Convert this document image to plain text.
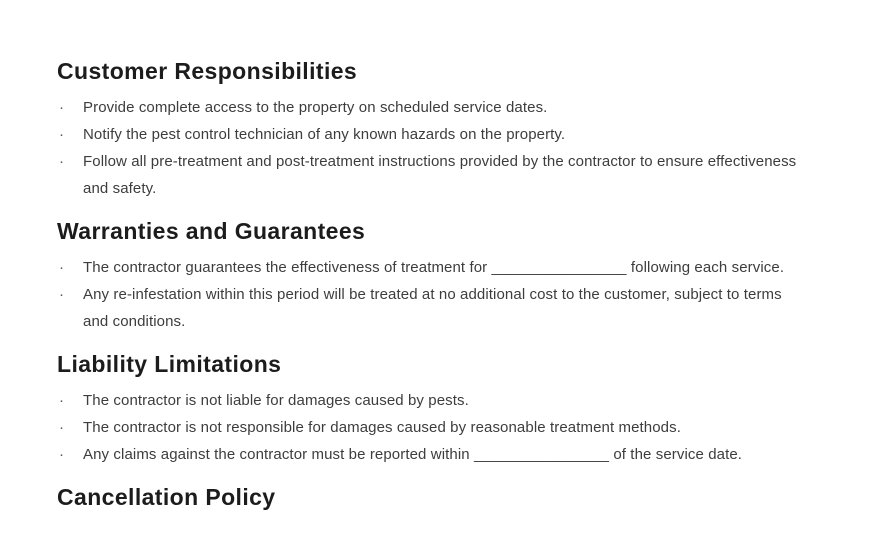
Customer Responsibilities
·	Provide complete access to the property on scheduled service dates.
·	Notify the pest control technician of any known hazards on the property.
·	Follow all pre-treatment and post-treatment instructions provided by the contractor to ensure effectiveness and safety.
Warranties and Guarantees
·	The contractor guarantees the effectiveness of treatment for ________________ following each service.
·	Any re-infestation within this period will be treated at no additional cost to the customer, subject to terms and conditions.
Liability Limitations
·	The contractor is not liable for damages caused by pests.
·	The contractor is not responsible for damages caused by reasonable treatment methods.
·	Any claims against the contractor must be reported within ________________ of the service date.
Cancellation Policy
